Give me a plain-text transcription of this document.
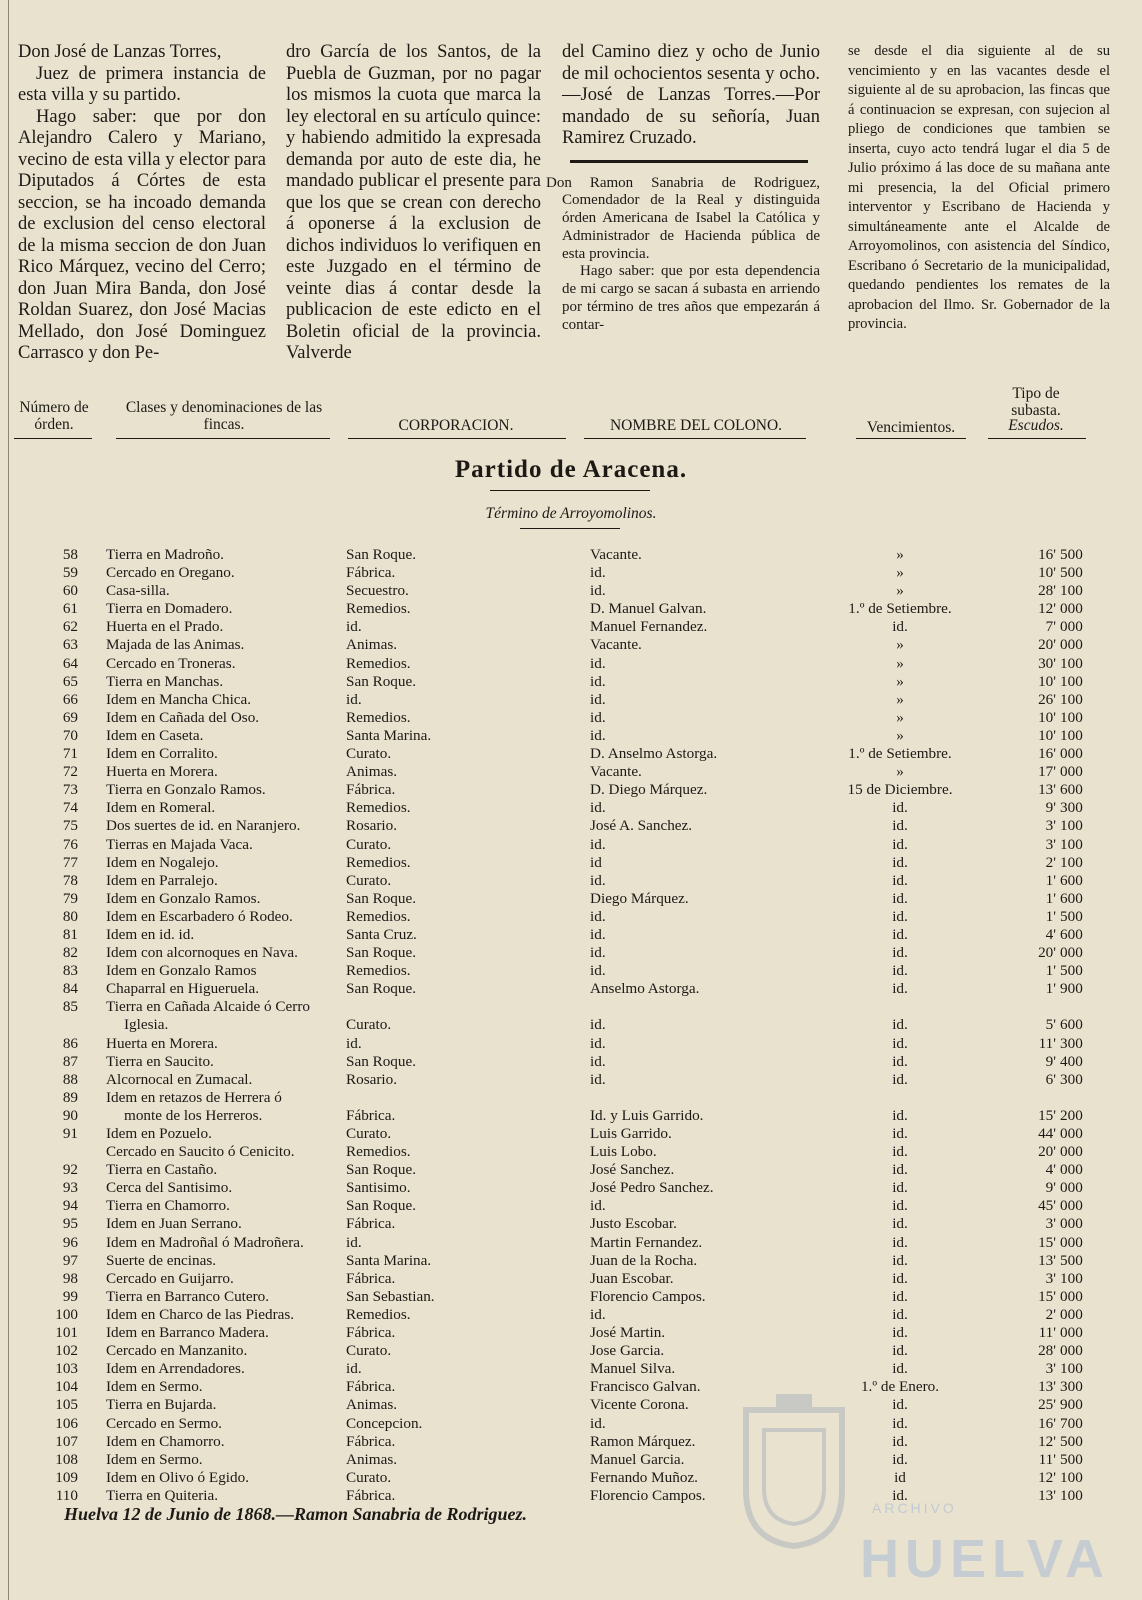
Don José de Lanzas Torres,

Juez de primera instancia de esta villa y su partido.

Hago saber: que por don Alejandro Calero y Mariano, vecino de esta villa y elector para Diputados á Córtes de esta seccion, se ha incoado demanda de exclusion del censo electoral de la misma seccion de don Juan Rico Márquez, vecino del Cerro; don Juan Mira Banda, don José Roldan Suarez, don José Macias Mellado, don José Dominguez Carrasco y don Pe-

dro García de los Santos, de la Puebla de Guzman, por no pagar los mismos la cuota que marca la ley electoral en su artículo quince: y habiendo admitido la expresada demanda por auto de este dia, he mandado publicar el presente para que los que se crean con derecho á oponerse á la exclusion de dichos individuos lo verifiquen en este Juzgado en el término de veinte dias á contar desde la publicacion de este edicto en el Boletin oficial de la provincia. Valverde

del Camino diez y ocho de Junio de mil ochocientos sesenta y ocho.—José de Lanzas Torres.—Por mandado de su señoría, Juan Ramirez Cruzado.

Don Ramon Sanabria de Rodriguez, Comendador de la Real y distinguida órden Americana de Isabel la Católica y Administrador de Hacienda pública de esta provincia.

Hago saber: que por esta dependencia de mi cargo se sacan á subasta en arriendo por término de tres años que empezarán á contar-

se desde el dia siguiente al de su vencimiento y en las vacantes desde el siguiente al de su aprobacion, las fincas que á continuacion se expresan, con sujecion al pliego de condiciones que tambien se inserta, cuyo acto tendrá lugar el dia 5 de Julio próximo á las doce de su mañana ante mi presencia, la del Oficial primero interventor y Escribano de Hacienda y simultáneamente ante el Alcalde de Arroyomolinos, con asistencia del Síndico, Escribano ó Secretario de la municipalidad, quedando pendientes los remates de la aprobacion del Ilmo. Sr. Gobernador de la provincia.

Número de órden.
Clases y denominaciones de las fincas.	CORPORACION.	NOMBRE DEL COLONO.	Vencimientos.
Tipo de subasta.
Escudos.
Partido de Aracena.
Término de Arroyomolinos.
58 Tierra en Madroño.	San Roque.	Vacante.	»	16' 500
59 Cercado en Oregano.	Fábrica.	id.	»	10' 500
60 Casa-silla.	Secuestro.	id.	»	28' 100
61 Tierra en Domadero.	Remedios.	D. Manuel Galvan.	1.º de Setiembre.	12' 000
62 Huerta en el Prado.	id.	Manuel Fernandez.	id.	7' 000
63 Majada de las Animas.	Animas.	Vacante.	»	20' 000
64 Cercado en Troneras.	Remedios.	id.	»	30' 100
65 Tierra en Manchas.	San Roque.	id.	»	10' 100
66 Idem en Mancha Chica.	id.	id.	»	26' 100
69 Idem en Cañada del Oso.	Remedios.	id.	»	10' 100
70 Idem en Caseta.	Santa Marina.	id.	»	10' 100
71 Idem en Corralito.	Curato.	D. Anselmo Astorga.	1.º de Setiembre.	16' 000
72 Huerta en Morera.	Animas.	Vacante.	»	17' 000
73 Tierra en Gonzalo Ramos.	Fábrica.	D. Diego Márquez.	15 de Diciembre.	13' 600
74 Idem en Romeral.	Remedios.	id.	id.	9' 300
75 Dos suertes de id. en Naranjero.	Rosario.	José A. Sanchez.	id.	3' 100
76 Tierras en Majada Vaca.	Curato.	id.	id.	3' 100
77 Idem en Nogalejo.	Remedios.	id	id.	2' 100
78 Idem en Parralejo.	Curato.	id.	id.	1' 600
79 Idem en Gonzalo Ramos.	San Roque.	Diego Márquez.	id.	1' 600
80 Idem en Escarbadero ó Rodeo.	Remedios.	id.	id.	1' 500
81 Idem en id. id.	Santa Cruz.	id.	id.	4' 600
82 Idem con alcornoques en Nava.	San Roque.	id.	id.	20' 000
83 Idem en Gonzalo Ramos	Remedios.	id.	id.	1' 500
84 Chaparral en Higueruela.	San Roque.	Anselmo Astorga.	id.	1' 900
85 Tierra en Cañada Alcaide ó Cerro
Iglesia.	Curato.	id.	id.	5' 600
86 Huerta en Morera.	id.	id.	id.	11' 300
87 Tierra en Saucito.	San Roque.	id.	id.	9' 400
88 Alcornocal en Zumacal.	Rosario.	id.	id.	6' 300
89 Idem en retazos de Herrera ó
90	monte de los Herreros.	Fábrica.	Id. y Luis Garrido.	id.	15' 200
91 Idem en Pozuelo.	Curato.	Luis Garrido.	id.	44' 000
Cercado en Saucito ó Cenicito.	Remedios.	Luis Lobo.	id.	20' 000
92 Tierra en Castaño.	San Roque.	José Sanchez.	id.	4' 000
93 Cerca del Santisimo.	Santisimo.	José Pedro Sanchez.	id.	9' 000
94 Tierra en Chamorro.	San Roque.	id.	id.	45' 000
95 Idem en Juan Serrano.	Fábrica.	Justo Escobar.	id.	3' 000
96 Idem en Madroñal ó Madroñera.	id.	Martin Fernandez.	id.	15' 000
97 Suerte de encinas.	Santa Marina.	Juan de la Rocha.	id.	13' 500
98 Cercado en Guijarro.	Fábrica.	Juan Escobar.	id.	3' 100
99 Tierra en Barranco Cutero.	San Sebastian.	Florencio Campos.	id.	15' 000
100 Idem en Charco de las Piedras.	Remedios.	id.	id.	2' 000
101 Idem en Barranco Madera.	Fábrica.	José Martin.	id.	11' 000
102 Cercado en Manzanito.	Curato.	Jose Garcia.	id.	28' 000
103 Idem en Arrendadores.	id.	Manuel Silva.	id.	3' 100
104 Idem en Sermo.	Fábrica.	Francisco Galvan.	1.º de Enero.	13' 300
105 Tierra en Bujarda.	Animas.	Vicente Corona.	id.	25' 900
106 Cercado en Sermo.	Concepcion.	id.	id.	16' 700
107 Idem en Chamorro.	Fábrica.	Ramon Márquez.	id.	12' 500
108 Idem en Sermo.	Animas.	Manuel Garcia.	id.	11' 500
109 Idem en Olivo ó Egido.	Curato.	Fernando Muñoz.	id	12' 100
110 Tierra en Quiteria.	Fábrica.	Florencio Campos.	id.	13' 100
Huelva 12 de Junio de 1868.—Ramon Sanabria de Rodriguez.	ARCHIVO
HUELVA
